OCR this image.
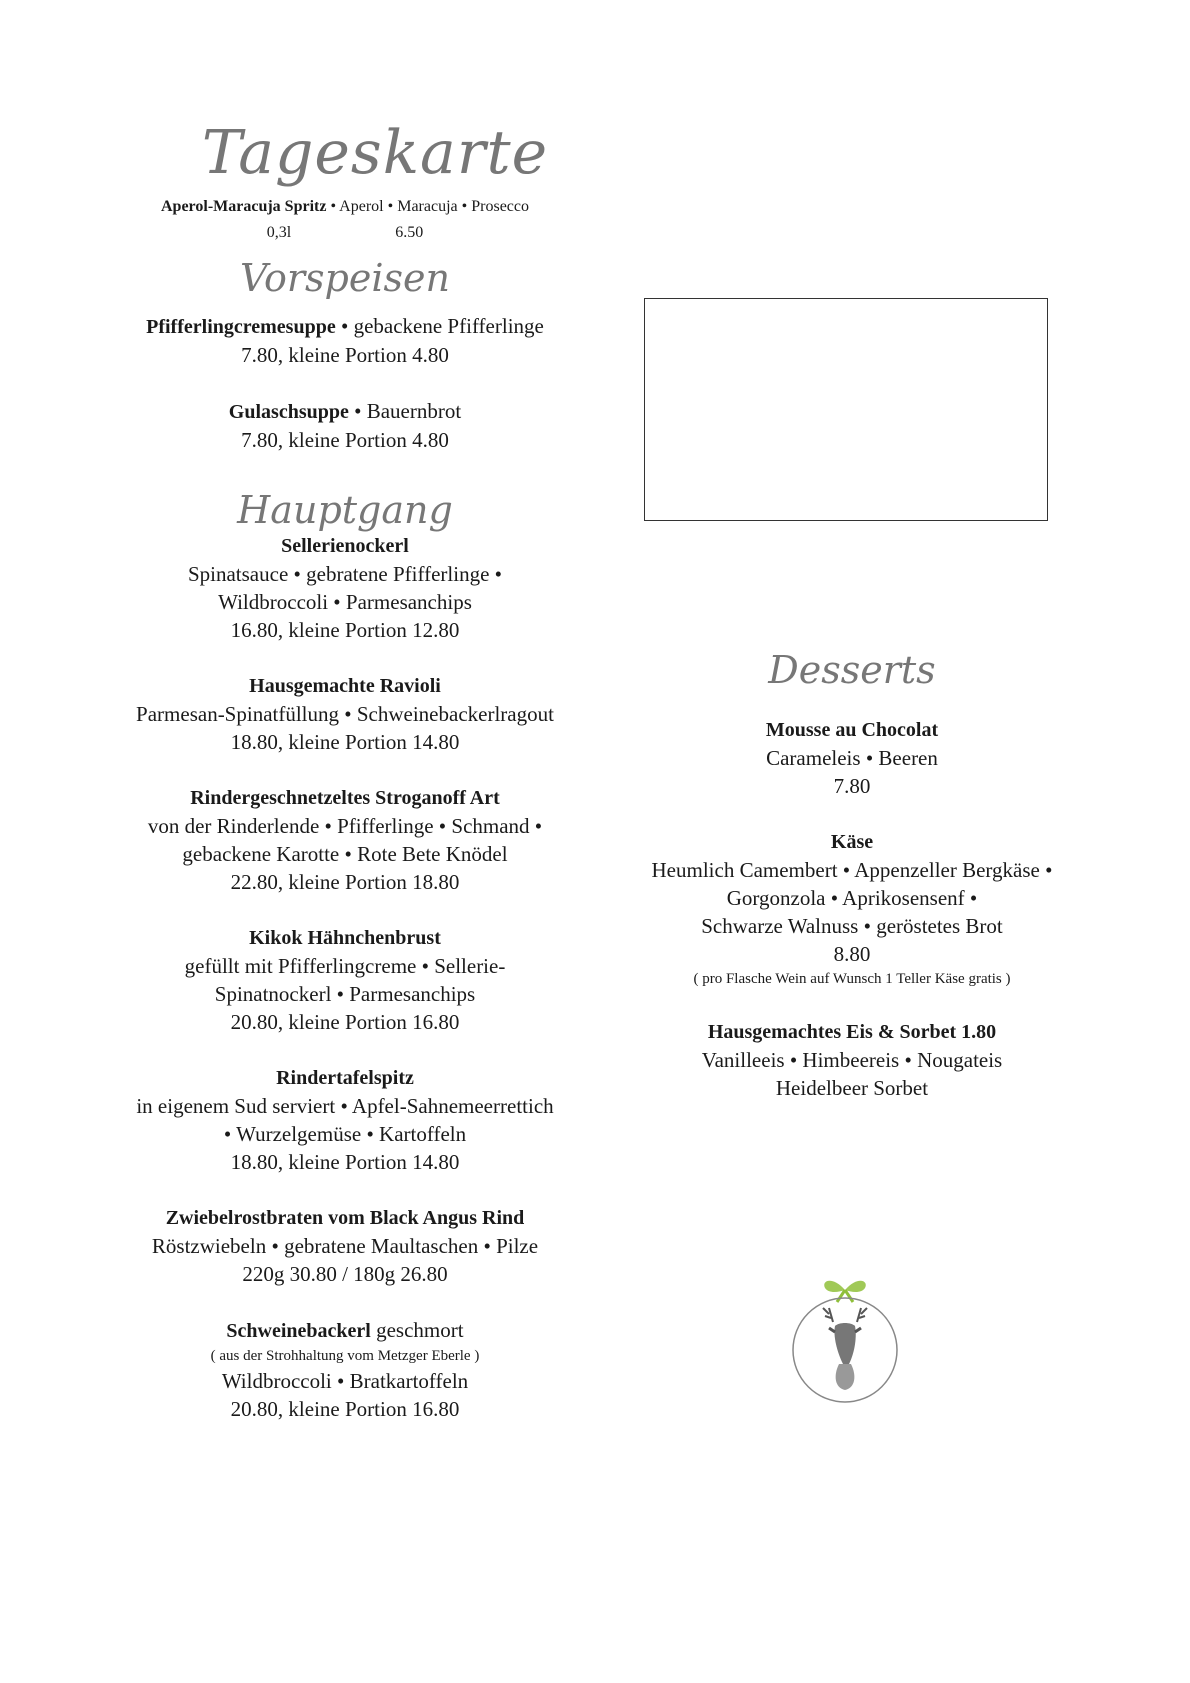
Tageskarte
Aperol-Maracuja Spritz • Aperol • Maracuja • Prosecco
0,3l	6.50
Vorspeisen

Pfifferlingcremesuppe • gebackene Pfifferlinge

7.80, kleine Portion 4.80

Gulaschsuppe • Bauernbrot

7.80, kleine Portion 4.80

Hauptgang

Sellerienockerl

Spinatsauce • gebratene Pfifferlinge •

Wildbroccoli • Parmesanchips

16.80, kleine Portion 12.80

Hausgemachte Ravioli

Parmesan-Spinatfüllung • Schweinebackerlragout

18.80, kleine Portion 14.80

Rindergeschnetzeltes Stroganoff Art

von der Rinderlende • Pfifferlinge • Schmand •

gebackene Karotte • Rote Bete Knödel

22.80, kleine Portion 18.80

Kikok Hähnchenbrust

gefüllt mit Pfifferlingcreme • Sellerie-

Spinatnockerl • Parmesanchips

20.80, kleine Portion 16.80

Rindertafelspitz

in eigenem Sud serviert • Apfel-Sahnemeerrettich

• Wurzelgemüse • Kartoffeln

18.80, kleine Portion 14.80

Zwiebelrostbraten vom Black Angus Rind

Röstzwiebeln • gebratene Maultaschen • Pilze

220g 30.80 / 180g 26.80

Schweinebackerl geschmort

( aus der Strohhaltung vom Metzger Eberle )

Wildbroccoli • Bratkartoffeln

20.80, kleine Portion 16.80

Desserts

Mousse au Chocolat

Carameleis • Beeren

7.80

Käse

Heumlich Camembert • Appenzeller Bergkäse •

Gorgonzola • Aprikosensenf •

Schwarze Walnuss • geröstetes Brot

8.80

( pro Flasche Wein auf Wunsch 1 Teller Käse gratis )

Hausgemachtes Eis & Sorbet 1.80

Vanilleeis • Himbeereis • Nougateis

Heidelbeer Sorbet
